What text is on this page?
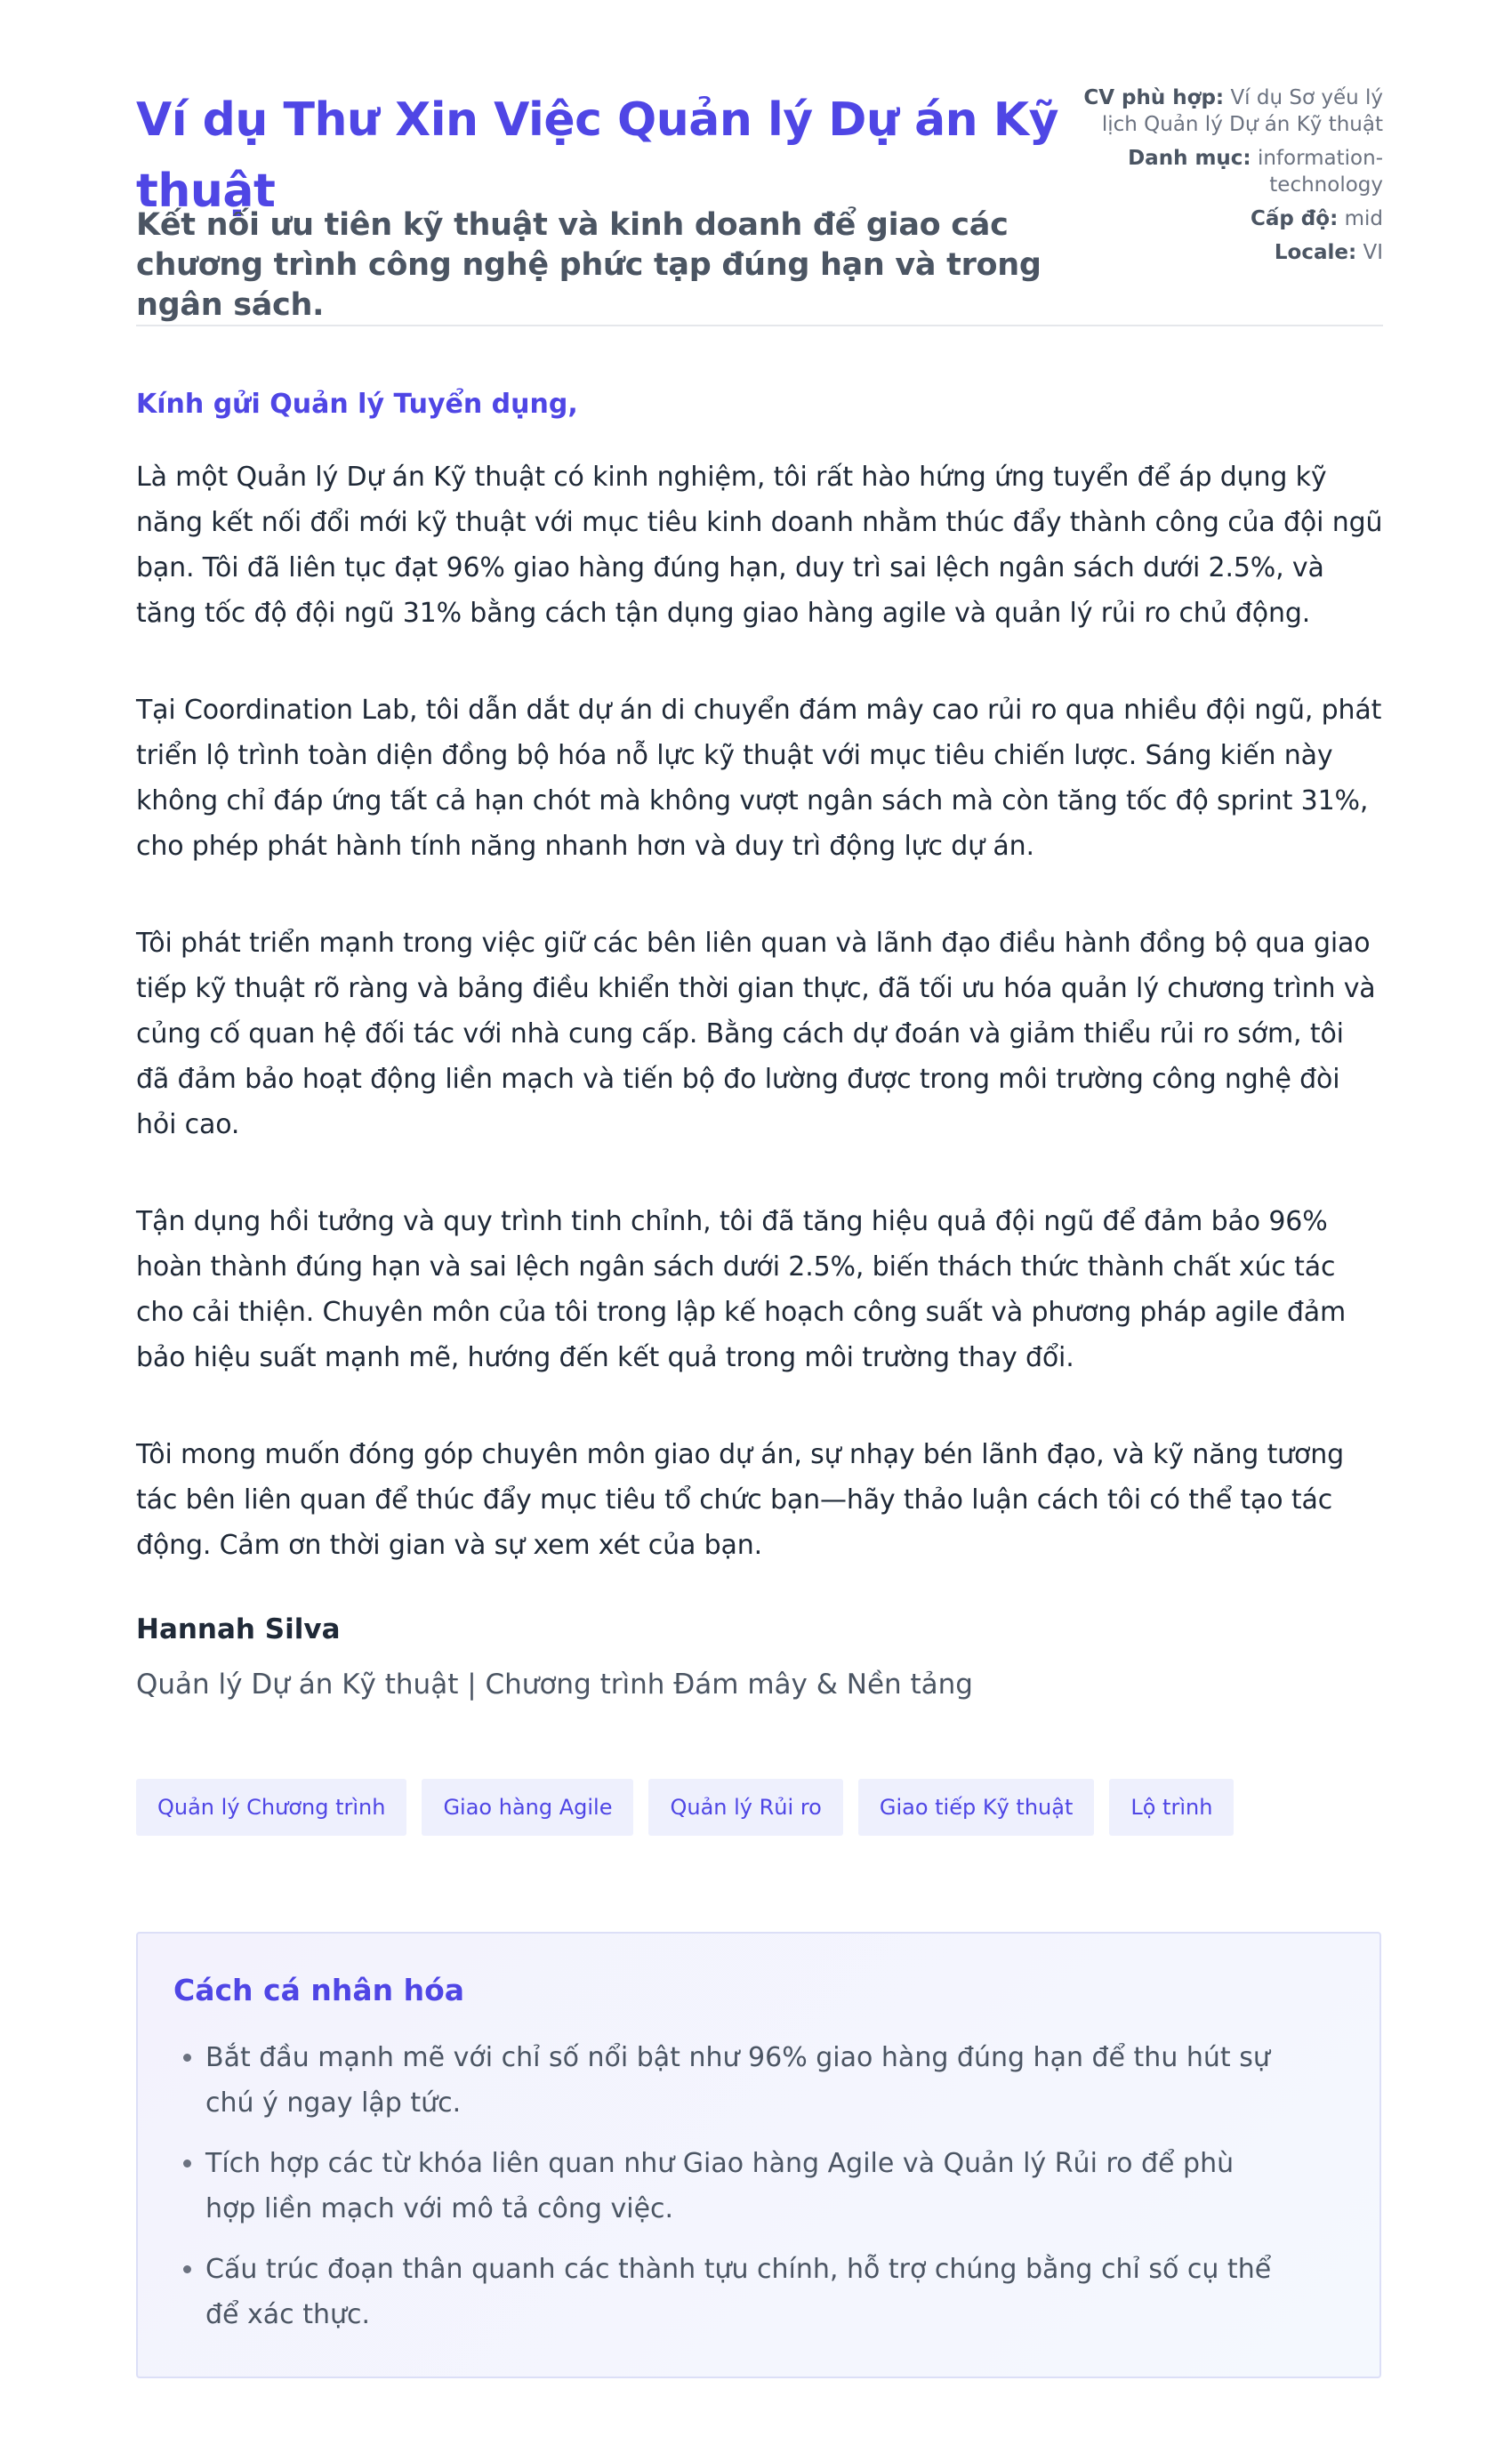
Ví dụ Thư Xin Việc Quản lý Dự án Kỹ thuật

Kết nối ưu tiên kỹ thuật và kinh doanh để giao các chương trình công nghệ phức tạp đúng hạn và trong ngân sách.

CV phù hợp: Ví dụ Sơ yếu lý lịch Quản lý Dự án Kỹ thuật
Danh mục: information-technology
Cấp độ: mid
Locale: VI

Kính gửi Quản lý Tuyển dụng,

Là một Quản lý Dự án Kỹ thuật có kinh nghiệm, tôi rất hào hứng ứng tuyển để áp dụng kỹ năng kết nối đổi mới kỹ thuật với mục tiêu kinh doanh nhằm thúc đẩy thành công của đội ngũ bạn. Tôi đã liên tục đạt 96% giao hàng đúng hạn, duy trì sai lệch ngân sách dưới 2.5%, và tăng tốc độ đội ngũ 31% bằng cách tận dụng giao hàng agile và quản lý rủi ro chủ động.

Tại Coordination Lab, tôi dẫn dắt dự án di chuyển đám mây cao rủi ro qua nhiều đội ngũ, phát triển lộ trình toàn diện đồng bộ hóa nỗ lực kỹ thuật với mục tiêu chiến lược. Sáng kiến này không chỉ đáp ứng tất cả hạn chót mà không vượt ngân sách mà còn tăng tốc độ sprint 31%, cho phép phát hành tính năng nhanh hơn và duy trì động lực dự án.

Tôi phát triển mạnh trong việc giữ các bên liên quan và lãnh đạo điều hành đồng bộ qua giao tiếp kỹ thuật rõ ràng và bảng điều khiển thời gian thực, đã tối ưu hóa quản lý chương trình và củng cố quan hệ đối tác với nhà cung cấp. Bằng cách dự đoán và giảm thiểu rủi ro sớm, tôi đã đảm bảo hoạt động liền mạch và tiến bộ đo lường được trong môi trường công nghệ đòi hỏi cao.

Tận dụng hồi tưởng và quy trình tinh chỉnh, tôi đã tăng hiệu quả đội ngũ để đảm bảo 96% hoàn thành đúng hạn và sai lệch ngân sách dưới 2.5%, biến thách thức thành chất xúc tác cho cải thiện. Chuyên môn của tôi trong lập kế hoạch công suất và phương pháp agile đảm bảo hiệu suất mạnh mẽ, hướng đến kết quả trong môi trường thay đổi.

Tôi mong muốn đóng góp chuyên môn giao dự án, sự nhạy bén lãnh đạo, và kỹ năng tương tác bên liên quan để thúc đẩy mục tiêu tổ chức bạn—hãy thảo luận cách tôi có thể tạo tác động. Cảm ơn thời gian và sự xem xét của bạn.

Hannah Silva
Quản lý Dự án Kỹ thuật | Chương trình Đám mây & Nền tảng
Quản lý Chương trình	Giao hàng Agile	Quản lý Rủi ro	Giao tiếp Kỹ thuật	Lộ trình
Cách cá nhân hóa
• Bắt đầu mạnh mẽ với chỉ số nổi bật như 96% giao hàng đúng hạn để thu hút sự chú ý ngay lập tức.
• Tích hợp các từ khóa liên quan như Giao hàng Agile và Quản lý Rủi ro để phù hợp liền mạch với mô tả công việc.
• Cấu trúc đoạn thân quanh các thành tựu chính, hỗ trợ chúng bằng chỉ số cụ thể để xác thực.
